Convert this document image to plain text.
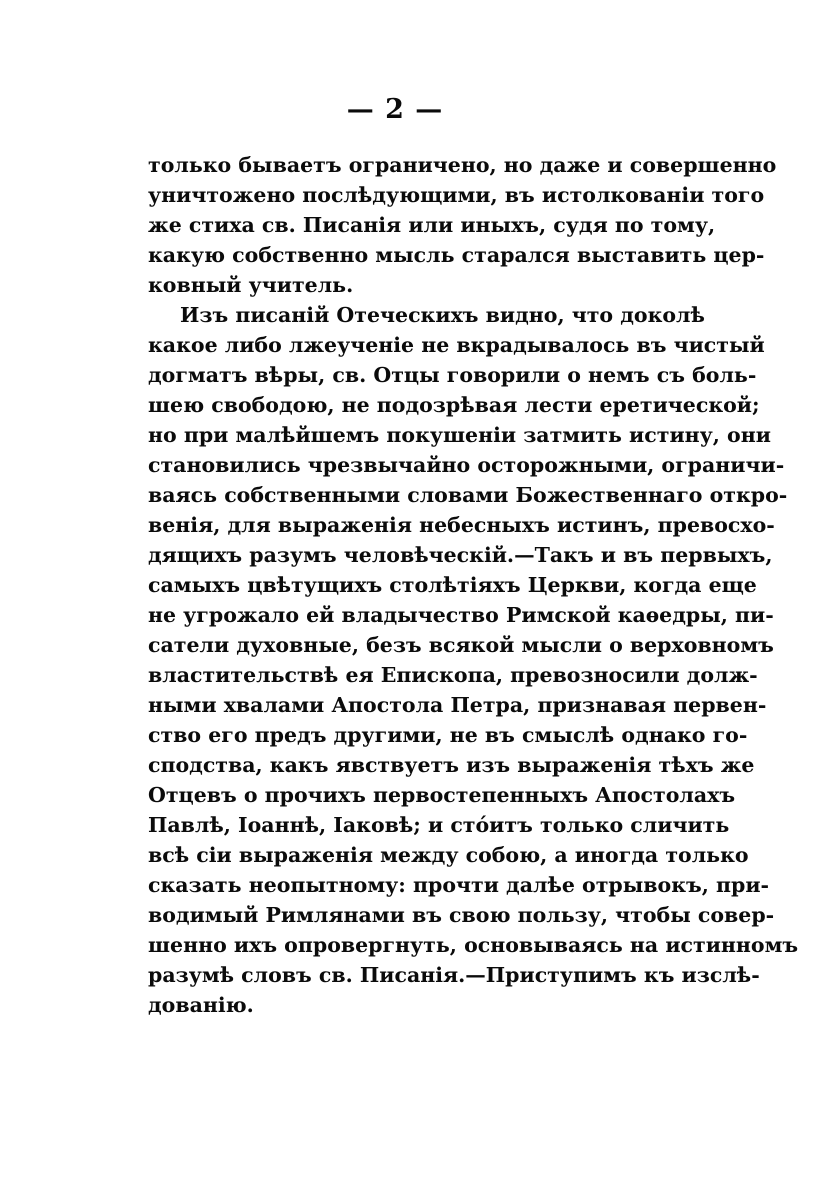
— 2 —
только бываетъ ограничено, но даже и совершенно
уничтожено послѣдующими, въ истолкованіи того
же стиха св. Писанія или иныхъ, судя по тому,
какую собственно мысль старался выставить цер-
ковный учитель.
Изъ писаній Отеческихъ видно, что доколѣ
какое либо лжеученіе не вкрадывалось въ чистый
догматъ вѣры, св. Отцы говорили о немъ съ боль-
шею свободою, не подозрѣвая лести еретической;
но при малѣйшемъ покушеніи затмить истину, они
становились чрезвычайно осторожными, ограничи-
ваясь собственными словами Божественнаго откро-
венія, для выраженія небесныхъ истинъ, превосхо-
дящихъ разумъ человѣческій.—Такъ и въ первыхъ,
самыхъ цвѣтущихъ столѣтіяхъ Церкви, когда еще
не угрожало ей владычество Римской каѳедры, пи-
сатели духовные, безъ всякой мысли о верховномъ
властительствѣ ея Епископа, превозносили долж-
ными хвалами Апостола Петра, признавая первен-
ство его предъ другими, не въ смыслѣ однако го-
сподства, какъ явствуетъ изъ выраженія тѣхъ же
Отцевъ о прочихъ первостепенныхъ Апостолахъ
Павлѣ, Іоаннѣ, Іаковѣ; и стóитъ только сличить
всѣ сіи выраженія между собою, а иногда только
сказать неопытному: прочти далѣе отрывокъ, при-
водимый Римлянами въ свою пользу, чтобы совер-
шенно ихъ опровергнуть, основываясь на истинномъ
разумѣ словъ св. Писанія.—Приступимъ къ изслѣ-
дованію.
